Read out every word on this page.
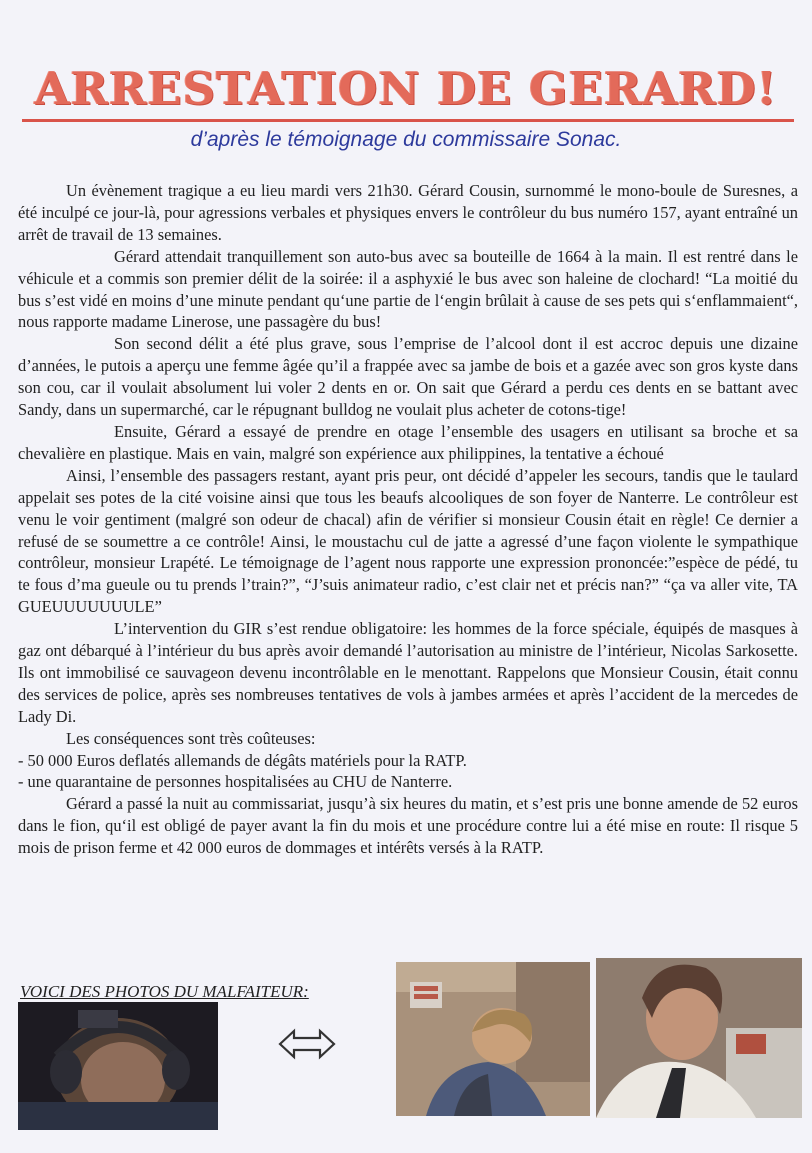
ARRESTATION DE GERARD!
d’après le témoignage du commissaire Sonac.

Un évènement tragique a eu lieu mardi vers 21h30. Gérard Cousin, surnommé le mono-boule de Suresnes, a été inculpé ce jour-là, pour agressions verbales et physiques envers le contrôleur du bus numéro 157, ayant entraîné un arrêt de travail de 13 semaines.

Gérard attendait tranquillement son auto-bus avec sa bouteille de 1664 à la main. Il est rentré dans le véhicule et a commis son premier délit de la soirée: il a asphyxié le bus avec son haleine de clochard! “La moitié du bus s’est vidé en moins d’une minute pendant qu‘une partie de l‘engin brûlait à cause de ses pets qui s‘enflammaient“, nous rapporte madame Linerose, une passagère du bus!

Son second délit a été plus grave, sous l’emprise de l’alcool dont il est accroc depuis une dizaine d’années, le putois a aperçu une femme âgée qu’il a frappée avec sa jambe de bois et a gazée avec son gros kyste dans son cou, car il voulait absolument lui voler 2 dents en or. On sait que Gérard a perdu ces dents en se battant avec Sandy, dans un supermarché, car le répugnant bulldog ne voulait plus acheter de cotons-tige!

Ensuite, Gérard a essayé de prendre en otage l’ensemble des usagers en utilisant sa broche et sa chevalière en plastique. Mais en vain, malgré son expérience aux philippines, la tentative a échoué

Ainsi, l’ensemble des passagers restant, ayant pris peur, ont décidé d’appeler les secours, tandis que le taulard appelait ses potes de la cité voisine ainsi que tous les beaufs alcooliques de son foyer de Nanterre. Le contrôleur est venu le voir gentiment (malgré son odeur de chacal) afin de vérifier si monsieur Cousin était en règle! Ce dernier a refusé de se soumettre a ce contrôle! Ainsi, le moustachu cul de jatte a agressé d’une façon violente le sympathique contrôleur, monsieur Lrapété. Le témoignage de l’agent nous rapporte une expression prononcée:”espèce de pédé, tu te fous d’ma gueule ou tu prends l’train?”, “J’suis animateur radio, c’est clair net et précis nan?” “ça va aller vite, TA GUEUUUUUUULE”

L’intervention du GIR s’est rendue obligatoire: les hommes de la force spéciale, équipés de masques à gaz ont débarqué à l’intérieur du bus après avoir demandé l’autorisation au ministre de l’intérieur, Nicolas Sarkosette. Ils ont immobilisé ce sauvageon devenu incontrôlable en le menottant. Rappelons que Monsieur Cousin, était connu des services de police, après ses nombreuses tentatives de vols à jambes armées et après l’accident de la mercedes de Lady Di.

Les conséquences sont très coûteuses:

- 50 000 Euros deflatés allemands de dégâts matériels pour la RATP.

- une quarantaine de personnes hospitalisées au CHU de Nanterre.

Gérard a passé la nuit au commissariat, jusqu’à six heures du matin, et s’est pris une bonne amende de 52 euros dans le fion, qu‘il est obligé de payer avant la fin du mois et une procédure contre lui a été mise en route: Il risque 5 mois de prison ferme et 42 000 euros de dommages et intérêts versés à la RATP.

VOICI DES PHOTOS DU MALFAITEUR:
